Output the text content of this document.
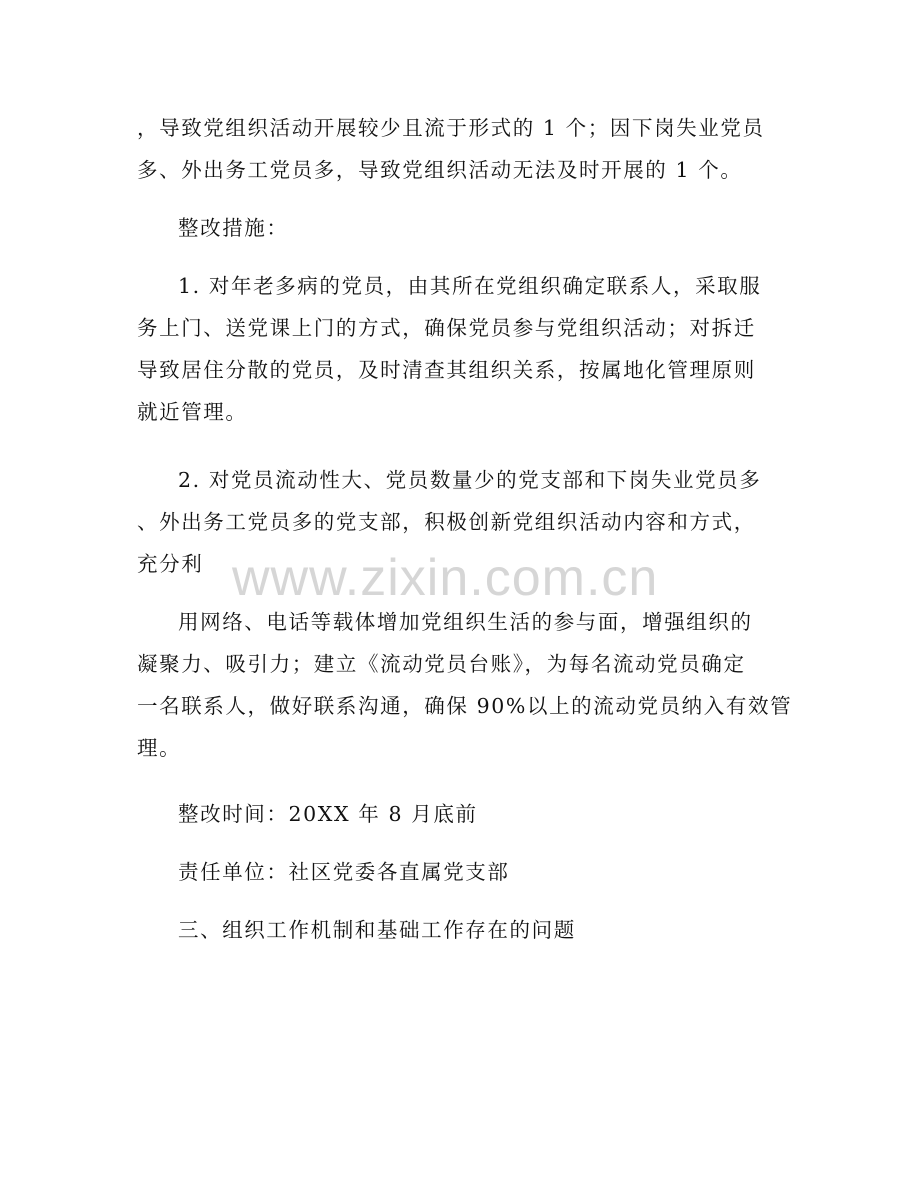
，导致党组织活动开展较少且流于形式的 1 个；因下岗失业党员
多、外出务工党员多，导致党组织活动无法及时开展的 1 个。
整改措施：
1. 对年老多病的党员，由其所在党组织确定联系人，采取服
务上门、送党课上门的方式，确保党员参与党组织活动；对拆迁
导致居住分散的党员，及时清查其组织关系，按属地化管理原则
就近管理。
2. 对党员流动性大、党员数量少的党支部和下岗失业党员多
、外出务工党员多的党支部，积极创新党组织活动内容和方式，
充分利
用网络、电话等载体增加党组织生活的参与面，增强组织的
凝聚力、吸引力；建立《流动党员台账》，为每名流动党员确定
一名联系人，做好联系沟通，确保 90%以上的流动党员纳入有效管
理。
整改时间：20XX 年 8 月底前
责任单位：社区党委各直属党支部
三、组织工作机制和基础工作存在的问题
www.zixin.com.cn
